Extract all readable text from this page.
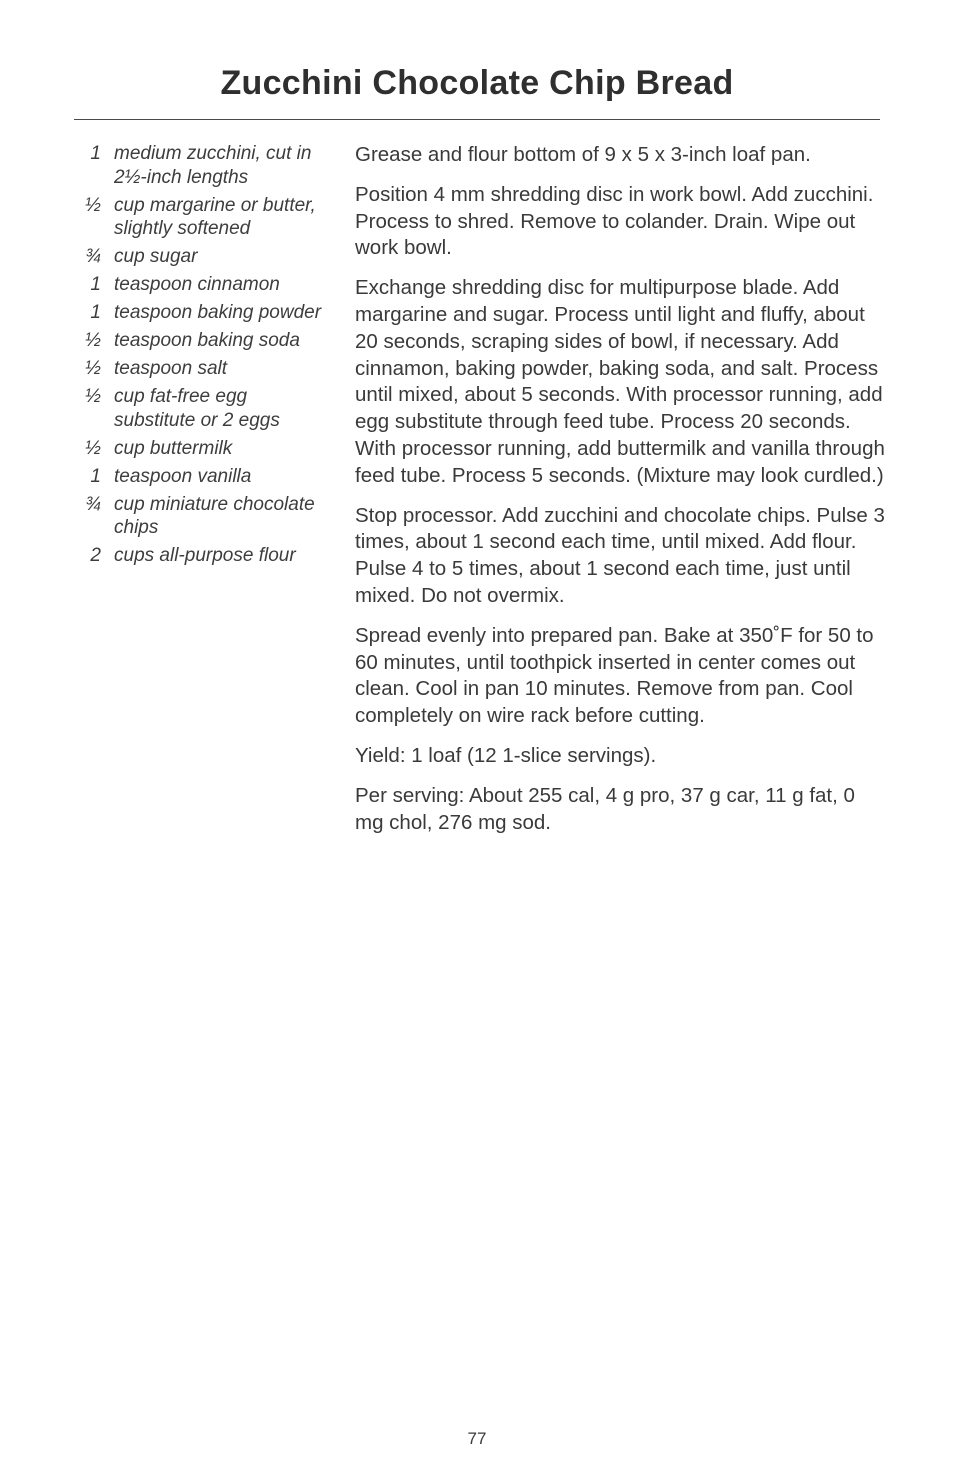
Zucchini Chocolate Chip Bread
1 medium zucchini, cut in 2½-inch lengths
½ cup margarine or butter, slightly softened
¾ cup sugar
1 teaspoon cinnamon
1 teaspoon baking powder
½ teaspoon baking soda
½ teaspoon salt
½ cup fat-free egg substitute or 2 eggs
½ cup buttermilk
1 teaspoon vanilla
¾ cup miniature chocolate chips
2 cups all-purpose flour

Grease and flour bottom of 9 x 5 x 3-inch loaf pan.

Position 4 mm shredding disc in work bowl. Add zucchini. Process to shred. Remove to colander. Drain. Wipe out work bowl.

Exchange shredding disc for multipurpose blade. Add margarine and sugar. Process until light and fluffy, about 20 seconds, scraping sides of bowl, if necessary. Add cinnamon, baking powder, baking soda, and salt. Process until mixed, about 5 seconds. With processor running, add egg substitute through feed tube. Process 20 seconds. With processor running, add buttermilk and vanilla through feed tube. Process 5 seconds. (Mixture may look curdled.)

Stop processor. Add zucchini and chocolate chips. Pulse 3 times, about 1 second each time, until mixed. Add flour. Pulse 4 to 5 times, about 1 second each time, just until mixed. Do not overmix.

Spread evenly into prepared pan. Bake at 350˚F for 50 to 60 minutes, until toothpick inserted in center comes out clean. Cool in pan 10 minutes. Remove from pan. Cool completely on wire rack before cutting.

Yield: 1 loaf (12 1-slice servings).

Per serving: About 255 cal, 4 g pro, 37 g car, 11 g fat, 0 mg chol, 276 mg sod.

77
